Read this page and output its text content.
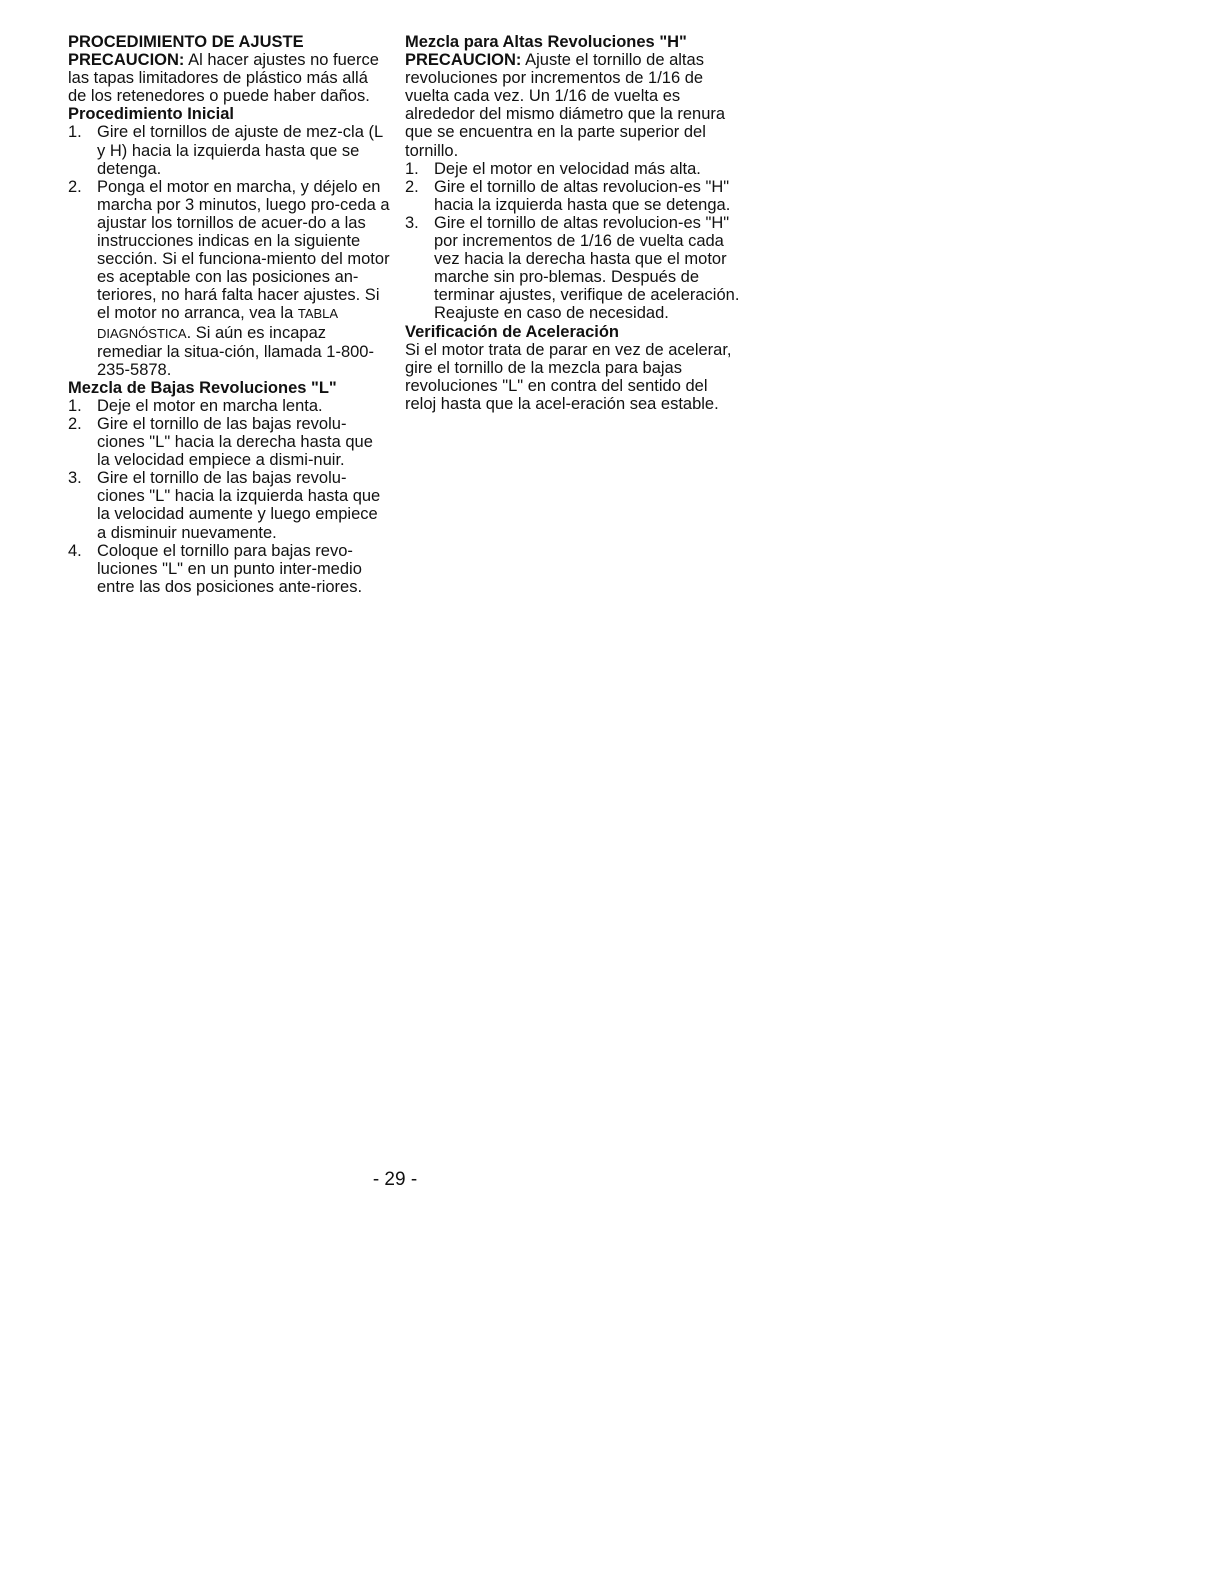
PROCEDIMIENTO DE AJUSTE

PRECAUCION: Al hacer ajustes no fuerce las tapas limitadores de plástico más allá de los retenedores o puede haber daños.

Procedimiento Inicial

1. Gire el tornillos de ajuste de mez-cla (L y H) hacia la izquierda hasta que se detenga.
2. Ponga el motor en marcha, y déjelo en marcha por 3 minutos, luego pro-ceda a ajustar los tornillos de acuer-do a las instrucciones indicas en la siguiente sección. Si el funciona-miento del motor es aceptable con las posiciones an-teriores, no hará falta hacer ajustes. Si el motor no arranca, vea la TABLA DIAGNÓSTICA. Si aún es incapaz remediar la situa-ción, llamada 1-800-235-5878.

Mezcla de Bajas Revoluciones "L"

1. Deje el motor en marcha lenta.
2. Gire el tornillo de las bajas revolu-ciones "L" hacia la derecha hasta que la velocidad empiece a dismi-nuir.
3. Gire el tornillo de las bajas revolu-ciones "L" hacia la izquierda hasta que la velocidad aumente y luego empiece a disminuir nuevamente.
4. Coloque el tornillo para bajas revo-luciones "L" en un punto inter-medio entre las dos posiciones ante-riores.

Mezcla para Altas Revoluciones "H"

PRECAUCION: Ajuste el tornillo de altas revoluciones por incrementos de 1/16 de vuelta cada vez. Un 1/16 de vuelta es alrededor del mismo diámetro que la renura que se encuentra en la parte superior del tornillo.

1. Deje el motor en velocidad más alta.
2. Gire el tornillo de altas revolucion-es "H" hacia la izquierda hasta que se detenga.
3. Gire el tornillo de altas revolucion-es "H" por incrementos de 1/16 de vuelta cada vez hacia la derecha hasta que el motor marche sin pro-blemas. Después de terminar ajustes, verifique de aceleración. Reajuste en caso de necesidad.

Verificación de Aceleración

Si el motor trata de parar en vez de acelerar, gire el tornillo de la mezcla para bajas revoluciones "L" en contra del sentido del reloj hasta que la acel-eración sea estable.

- 29 -
